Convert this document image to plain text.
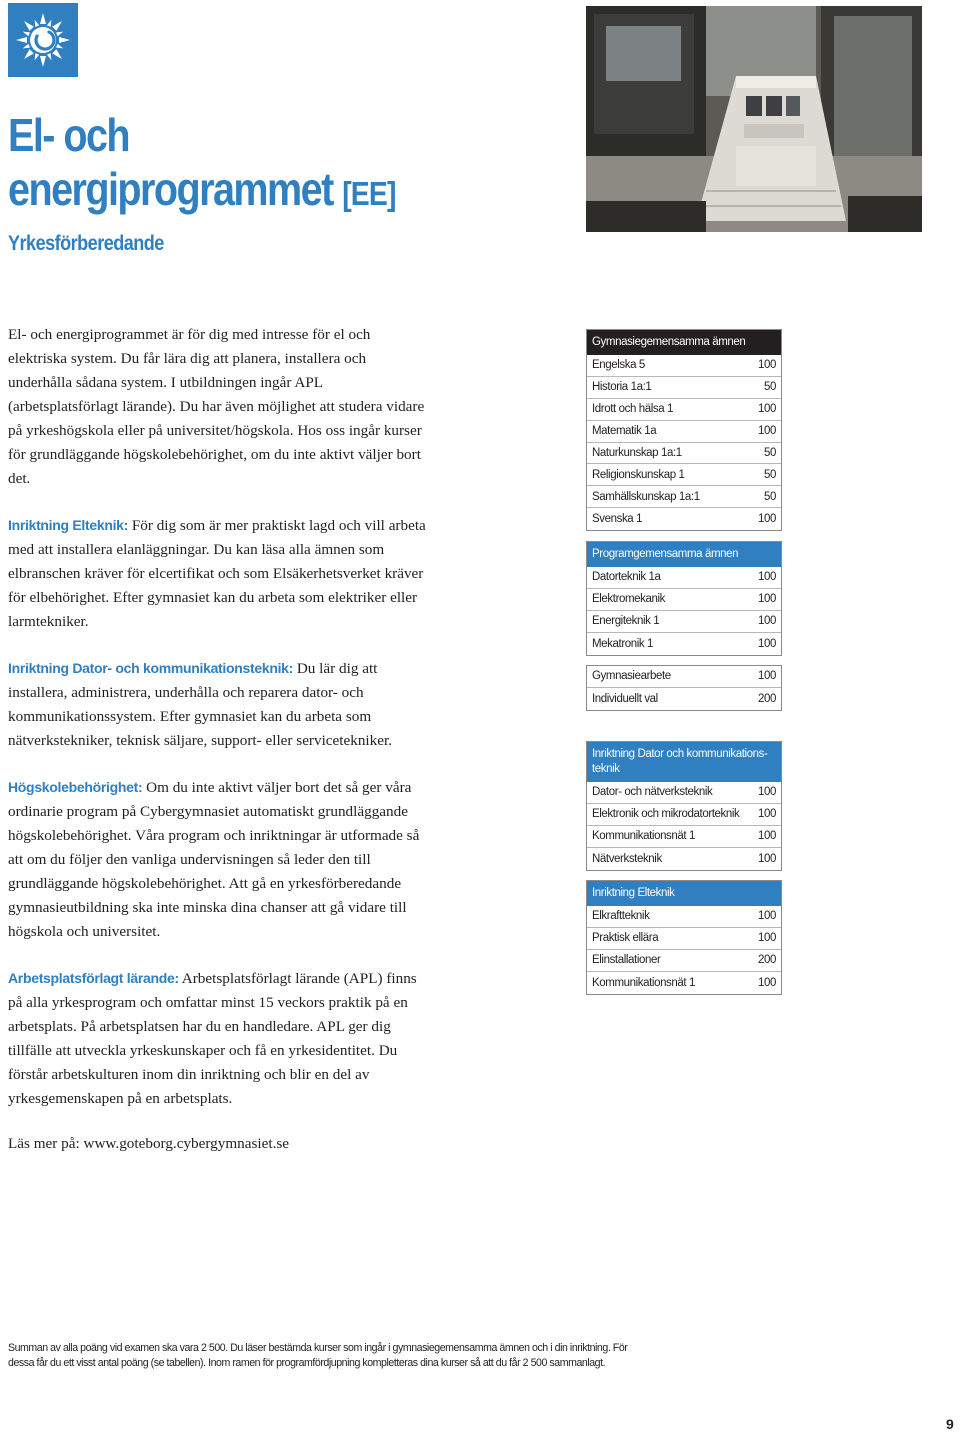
El- och
energiprogrammet [EE]
Yrkesförberedande

El- och energiprogrammet är för dig med intresse för el och elektriska system. Du får lära dig att planera, installera och underhålla sådana system. I utbildningen ingår APL (arbetsplatsförlagt lärande). Du har även möjlighet att studera vidare på yrkeshögskola eller på universitet/högskola. Hos oss ingår kurser för grundläggande högskolebehörighet, om du inte aktivt väljer bort det.

Inriktning Elteknik: För dig som är mer praktiskt lagd och vill arbeta med att installera elanläggningar. Du kan läsa alla ämnen som elbranschen kräver för elcertifikat och som Elsäkerhetsverket kräver för elbehörighet. Efter gymnasiet kan du arbeta som elektriker eller larmtekniker.

Inriktning Dator- och kommunikationsteknik: Du lär dig att installera, administrera, underhålla och reparera dator- och kommunikationssystem. Efter gymnasiet kan du arbeta som nätverkstekniker, teknisk säljare, support- eller servicetekniker.

Högskolebehörighet: Om du inte aktivt väljer bort det så ger våra ordinarie program på Cybergymnasiet automatiskt grundläggande högskolebehörighet. Våra program och inriktningar är utformade så att om du följer den vanliga undervisningen så leder den till grundläggande högskolebehörighet. Att gå en yrkesförberedande gymnasieutbildning ska inte minska dina chanser att gå vidare till högskola och universitet.

Arbetsplatsförlagt lärande: Arbetsplatsförlagt lärande (APL) finns på alla yrkesprogram och omfattar minst 15 veckors praktik på en arbetsplats. På arbetsplatsen har du en handledare. APL ger dig tillfälle att utveckla yrkeskunskaper och få en yrkesidentitet. Du förstår arbetskulturen inom din inriktning och blir en del av yrkesgemenskapen på en arbetsplats.

Läs mer på: www.goteborg.cybergymnasiet.se
Gymnasiegemensamma ämnen
Engelska 5	100
Historia 1a:1	50
Idrott och hälsa 1	100
Matematik 1a	100
Naturkunskap 1a:1	50
Religionskunskap 1	50
Samhällskunskap 1a:1	50
Svenska 1	100
Programgemensamma ämnen
Datorteknik 1a	100
Elektromekanik	100
Energiteknik 1	100
Mekatronik 1	100
Gymnasiearbete	100
Individuellt val	200
Inriktning Dator och kommunikations-teknik
Dator- och nätverksteknik	100
Elektronik och mikrodatorteknik 100
Kommunikationsnät 1	100
Nätverksteknik	100
Inriktning Elteknik
Elkraftteknik	100
Praktisk ellära	100
Elinstallationer	200
Kommunikationsnät 1	100
Summan av alla poäng vid examen ska vara 2 500. Du läser bestämda kurser som ingår i gymnasiegemensamma ämnen och i din inriktning. För dessa får du ett visst antal poäng (se tabellen). Inom ramen för programfördjupning kompletteras dina kurser så att du får 2 500 sammanlagt.
9
